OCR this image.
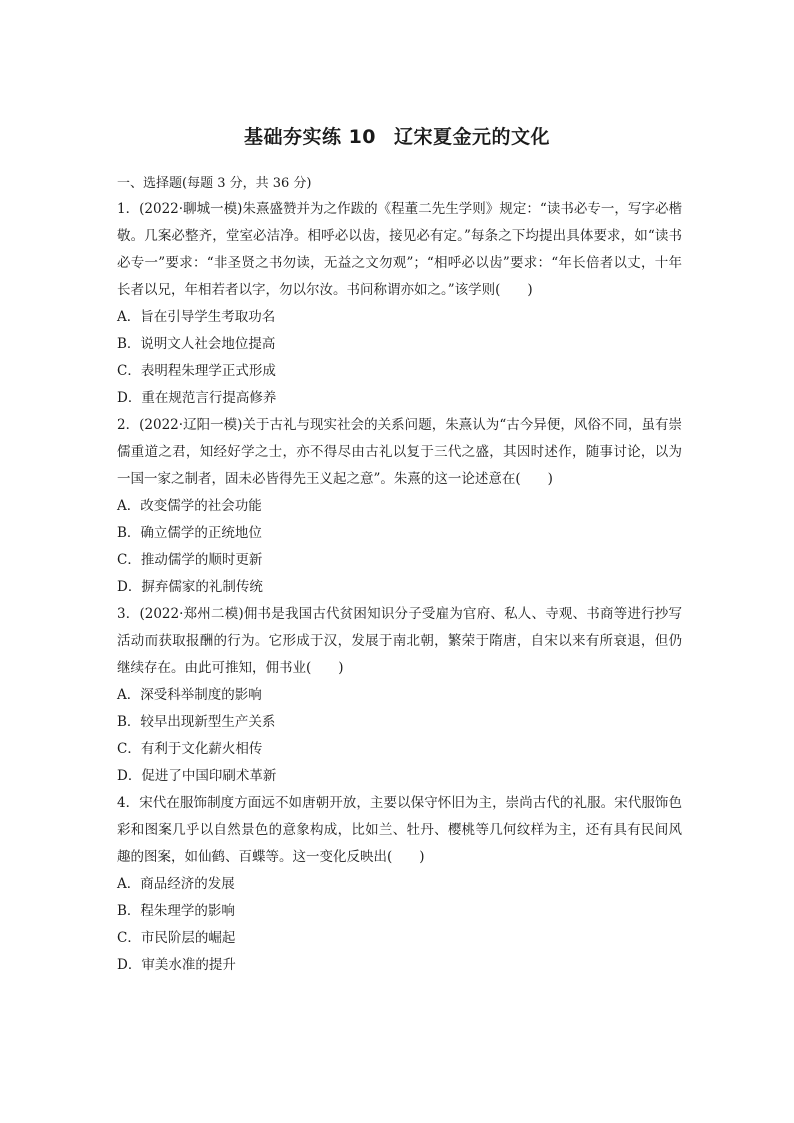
基础夯实练 10 辽宋夏金元的文化
一、选择题(每题 3 分，共 36 分)

1．(2022·聊城一模)朱熹盛赞并为之作跋的《程董二先生学则》规定：“读书必专一，写字必楷敬。几案必整齐，堂室必洁净。相呼必以齿，接见必有定。”每条之下均提出具体要求，如“读书必专一”要求：“非圣贤之书勿读，无益之文勿观”；“相呼必以齿”要求：“年长倍者以丈，十年长者以兄，年相若者以字，勿以尔汝。书问称谓亦如之。”该学则(　　)

A．旨在引导学生考取功名

B．说明文人社会地位提高

C．表明程朱理学正式形成

D．重在规范言行提高修养

2．(2022·辽阳一模)关于古礼与现实社会的关系问题，朱熹认为“古今异便，风俗不同，虽有崇儒重道之君，知经好学之士，亦不得尽由古礼以复于三代之盛，其因时述作，随事讨论，以为一国一家之制者，固未必皆得先王义起之意”。朱熹的这一论述意在(　　)

A．改变儒学的社会功能

B．确立儒学的正统地位

C．推动儒学的顺时更新

D．摒弃儒家的礼制传统

3．(2022·郑州二模)佣书是我国古代贫困知识分子受雇为官府、私人、寺观、书商等进行抄写活动而获取报酬的行为。它形成于汉，发展于南北朝，繁荣于隋唐，自宋以来有所衰退，但仍继续存在。由此可推知，佣书业(　　)

A．深受科举制度的影响

B．较早出现新型生产关系

C．有利于文化薪火相传

D．促进了中国印刷术革新

4．宋代在服饰制度方面远不如唐朝开放，主要以保守怀旧为主，崇尚古代的礼服。宋代服饰色彩和图案几乎以自然景色的意象构成，比如兰、牡丹、樱桃等几何纹样为主，还有具有民间风趣的图案，如仙鹤、百蝶等。这一变化反映出(　　)

A．商品经济的发展

B．程朱理学的影响

C．市民阶层的崛起

D．审美水准的提升
